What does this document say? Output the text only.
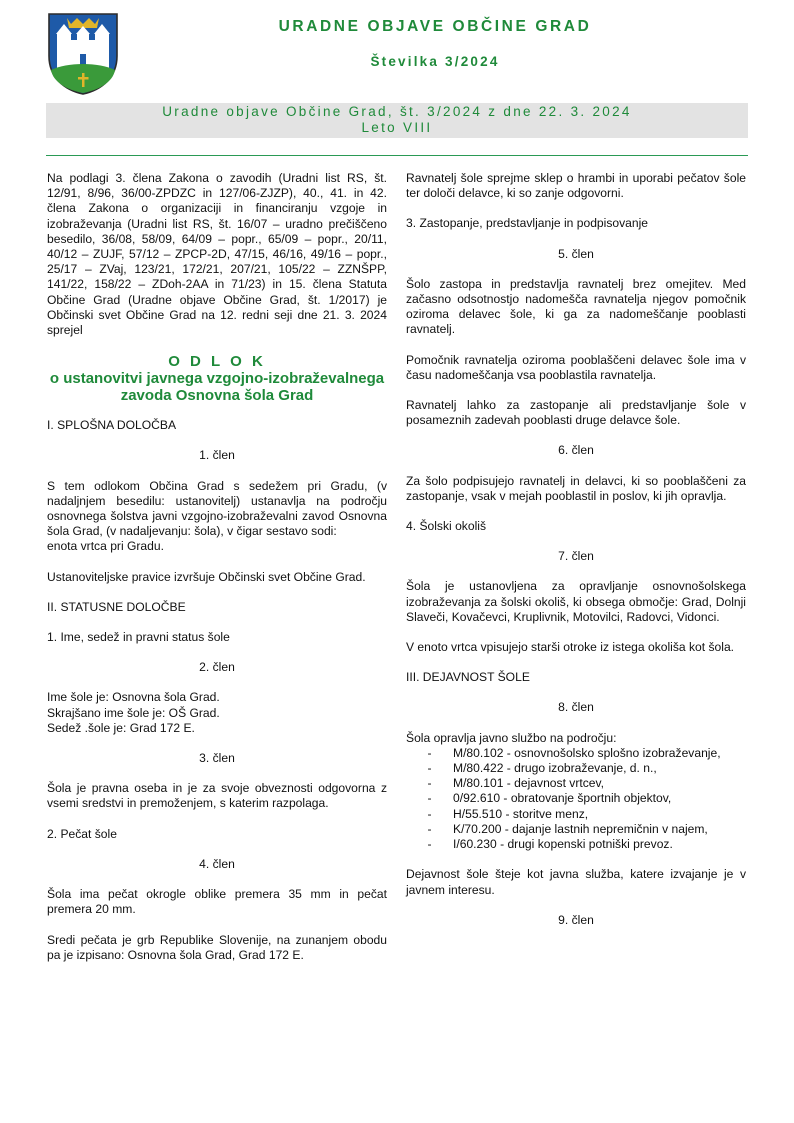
URADNE OBJAVE OBČINE GRAD
Številka 3/2024
Uradne objave Občine Grad, št. 3/2024 z dne 22. 3. 2024
Leto VIII

Na podlagi 3. člena Zakona o zavodih (Uradni list RS, št. 12/91, 8/96, 36/00-ZPDZC in 127/06-ZJZP), 40., 41. in 42. člena Zakona o organizaciji in financiranju vzgoje in izobraževanja (Uradni list RS, št. 16/07 – uradno prečiščeno besedilo, 36/08, 58/09, 64/09 – popr., 65/09 – popr., 20/11, 40/12 – ZUJF, 57/12 – ZPCP-2D, 47/15, 46/16, 49/16 – popr., 25/17 – ZVaj, 123/21, 172/21, 207/21, 105/22 – ZZNŠPP, 141/22, 158/22 – ZDoh-2AA in 71/23) in 15. člena Statuta Občine Grad (Uradne objave Občine Grad, št. 1/2017) je Občinski svet Občine Grad na 12. redni seji dne 21. 3. 2024 sprejel

O D L O K
o ustanovitvi javnega vzgojno-izobraževalnega zavoda Osnovna šola Grad

I. SPLOŠNA DOLOČBA

1. člen

S tem odlokom Občina Grad s sedežem pri Gradu, (v nadaljnjem besedilu: ustanovitelj) ustanavlja na področju osnovnega šolstva javni vzgojno-izobraževalni zavod Osnovna šola Grad, (v nadaljevanju: šola), v čigar sestavo sodi:

enota vrtca pri Gradu.

Ustanoviteljske pravice izvršuje Občinski svet Občine Grad.

II. STATUSNE DOLOČBE

1. Ime, sedež in pravni status šole

2. člen

Ime šole je: Osnovna šola Grad.
Skrajšano ime šole je: OŠ Grad.
Sedež .šole je: Grad 172 E.

3. člen

Šola je pravna oseba in je za svoje obveznosti odgovorna z vsemi sredstvi in premoženjem, s katerim razpolaga.

2. Pečat šole

4. člen

Šola ima pečat okrogle oblike premera 35 mm in pečat premera 20 mm.

Sredi pečata je grb Republike Slovenije, na zunanjem obodu pa je izpisano: Osnovna šola Grad, Grad 172 E.

Ravnatelj šole sprejme sklep o hrambi in uporabi pečatov šole ter določi delavce, ki so zanje odgovorni.

3. Zastopanje, predstavljanje in podpisovanje

5. člen

Šolo zastopa in predstavlja ravnatelj brez omejitev. Med začasno odsotnostjo nadomešča ravnatelja njegov pomočnik oziroma delavec šole, ki ga za nadomeščanje pooblasti ravnatelj.

Pomočnik ravnatelja oziroma pooblaščeni delavec šole ima v času nadomeščanja vsa pooblastila ravnatelja.

Ravnatelj lahko za zastopanje ali predstavljanje šole v posameznih zadevah pooblasti druge delavce šole.

6. člen

Za šolo podpisujejo ravnatelj in delavci, ki so pooblaščeni za zastopanje, vsak v mejah pooblastil in poslov, ki jih opravlja.

4. Šolski okoliš

7. člen

Šola je ustanovljena za opravljanje osnovnošolskega izobraževanja za šolski okoliš, ki obsega območje: Grad, Dolnji Slaveči, Kovačevci, Kruplivnik, Motovilci, Radovci, Vidonci.

V enoto vrtca vpisujejo starši otroke iz istega okoliša kot šola.

III. DEJAVNOST ŠOLE

8. člen

Šola opravlja javno službo na področju:

-	M/80.102 - osnovnošolsko splošno izobraževanje,
-	M/80.422 - drugo izobraževanje, d. n.,
-	M/80.101 - dejavnost vrtcev,
-	0/92.610 - obratovanje športnih objektov,
-	H/55.510 - storitve menz,
-	K/70.200 - dajanje lastnih nepremičnin v najem,
-	I/60.230 - drugi kopenski potniški prevoz.

Dejavnost šole šteje kot javna služba, katere izvajanje je v javnem interesu.

9. člen
